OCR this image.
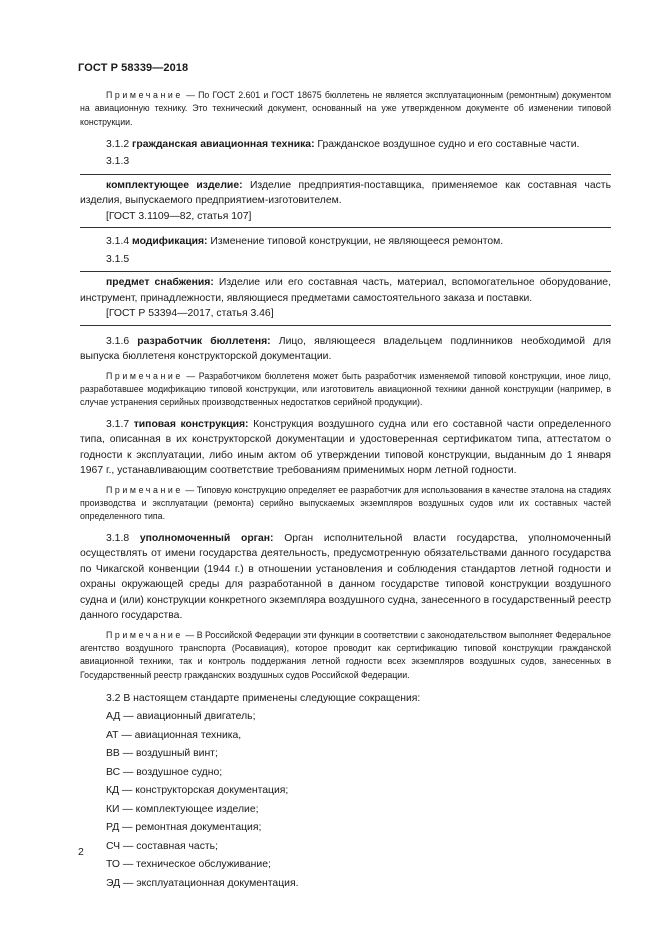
ГОСТ Р 58339—2018

Примечание — По ГОСТ 2.601 и ГОСТ 18675 бюллетень не является эксплуатационным (ремонтным) документом на авиационную технику. Это технический документ, основанный на уже утвержденном документе об изменении типовой конструкции.

3.1.2 гражданская авиационная техника: Гражданское воздушное судно и его составные части.

3.1.3

комплектующее изделие: Изделие предприятия-поставщика, применяемое как составная часть изделия, выпускаемого предприятием-изготовителем.

[ГОСТ 3.1109—82, статья 107]

3.1.4 модификация: Изменение типовой конструкции, не являющееся ремонтом.

3.1.5

предмет снабжения: Изделие или его составная часть, материал, вспомогательное оборудование, инструмент, принадлежности, являющиеся предметами самостоятельного заказа и поставки.

[ГОСТ Р 53394—2017, статья 3.46]

3.1.6 разработчик бюллетеня: Лицо, являющееся владельцем подлинников необходимой для выпуска бюллетеня конструкторской документации.

Примечание — Разработчиком бюллетеня может быть разработчик изменяемой типовой конструкции, иное лицо, разработавшее модификацию типовой конструкции, или изготовитель авиационной техники данной конструкции (например, в случае устранения серийных производственных недостатков серийной продукции).

3.1.7 типовая конструкция: Конструкция воздушного судна или его составной части определенного типа, описанная в их конструкторской документации и удостоверенная сертификатом типа, аттестатом о годности к эксплуатации, либо иным актом об утверждении типовой конструкции, выданным до 1 января 1967 г., устанавливающим соответствие требованиям применимых норм летной годности.

Примечание — Типовую конструкцию определяет ее разработчик для использования в качестве эталона на стадиях производства и эксплуатации (ремонта) серийно выпускаемых экземпляров воздушных судов или их составных частей определенного типа.

3.1.8 уполномоченный орган: Орган исполнительной власти государства, уполномоченный осуществлять от имени государства деятельность, предусмотренную обязательствами данного государства по Чикагской конвенции (1944 г.) в отношении установления и соблюдения стандартов летной годности и охраны окружающей среды для разработанной в данном государстве типовой конструкции воздушного судна и (или) конструкции конкретного экземпляра воздушного судна, занесенного в государственный реестр данного государства.

Примечание — В Российской Федерации эти функции в соответствии с законодательством выполняет Федеральное агентство воздушного транспорта (Росавиация), которое проводит как сертификацию типовой конструкции гражданской авиационной техники, так и контроль поддержания летной годности всех экземпляров воздушных судов, занесенных в Государственный реестр гражданских воздушных судов Российской Федерации.

3.2 В настоящем стандарте применены следующие сокращения:

АД — авиационный двигатель;
АТ — авиационная техника,
ВВ — воздушный винт;
ВС — воздушное судно;
КД — конструкторская документация;
КИ — комплектующее изделие;
РД — ремонтная документация;
СЧ — составная часть;
ТО — техническое обслуживание;
ЭД — эксплуатационная документация.
2
